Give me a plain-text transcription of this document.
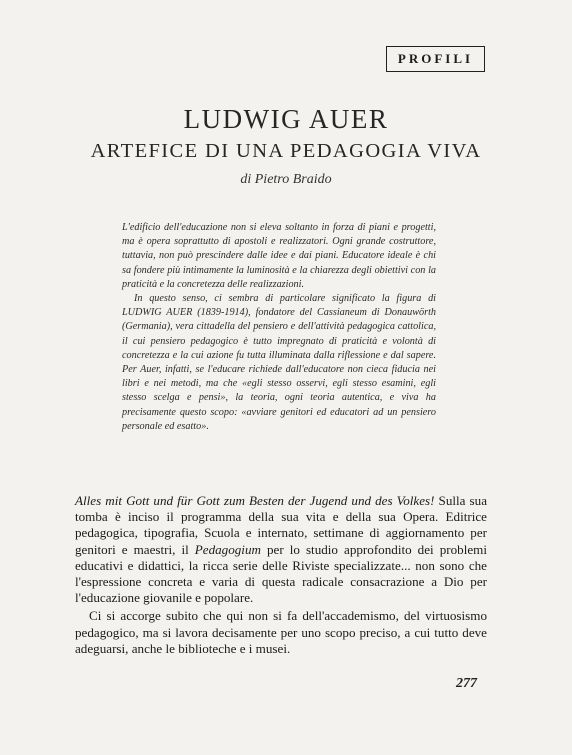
PROFILI
LUDWIG AUER
ARTEFICE DI UNA PEDAGOGIA VIVA
di Pietro Braido

L'edificio dell'educazione non si eleva soltanto in forza di piani e progetti, ma è opera soprattutto di apostoli e realizzatori. Ogni grande costruttore, tuttavia, non può prescindere dalle idee e dai piani. Educatore ideale è chi sa fondere più intimamente la luminosità e la chiarezza degli obiettivi con la praticità e la concretezza delle realizzazioni.

In questo senso, ci sembra di particolare significato la figura di LUDWIG AUER (1839-1914), fondatore del Cassianeum di Donauwörth (Germania), vera cittadella del pensiero e dell'attività pedagogica cattolica, il cui pensiero pedagogico è tutto impregnato di praticità e volontà di concretezza e la cui azione fu tutta illuminata dalla riflessione e dal sapere. Per Auer, infatti, se l'educare richiede dall'educatore non cieca fiducia nei libri e nei metodi, ma che «egli stesso osservi, egli stesso esamini, egli stesso scelga e pensi», la teoria, ogni teoria autentica, e viva ha precisamente questo scopo: «avviare genitori ed educatori ad un pensiero personale ed esatto».

Alles mit Gott und für Gott zum Besten der Jugend und des Volkes! Sulla sua tomba è inciso il programma della sua vita e della sua Opera. Editrice pedagogica, tipografia, Scuola e internato, settimane di aggiornamento per genitori e maestri, il Pedagogium per lo studio approfondito dei problemi educativi e didattici, la ricca serie delle Riviste specializzate... non sono che l'espressione concreta e varia di questa radicale consacrazione a Dio per l'educazione giovanile e popolare.

Ci si accorge subito che qui non si fa dell'accademismo, del virtuosismo pedagogico, ma si lavora decisamente per uno scopo preciso, a cui tutto deve adeguarsi, anche le biblioteche e i musei.

277
